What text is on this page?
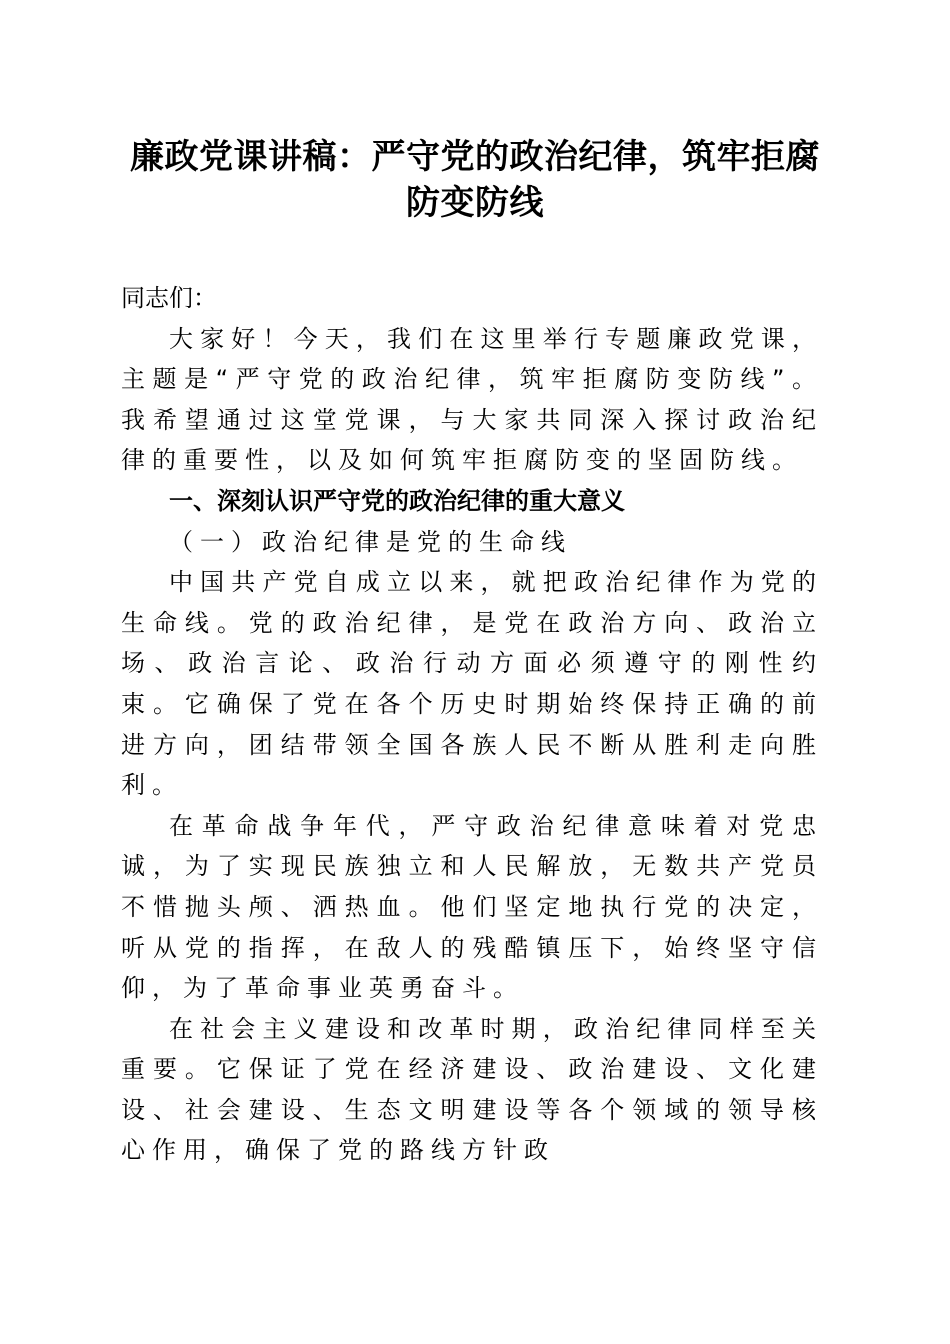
廉政党课讲稿：严守党的政治纪律，筑牢拒腐
防变防线

同志们：

大家好！今天，我们在这里举行专题廉政党课，主题是“严守党的政治纪律，筑牢拒腐防变防线”。我希望通过这堂党课，与大家共同深入探讨政治纪律的重要性，以及如何筑牢拒腐防变的坚固防线。

一、深刻认识严守党的政治纪律的重大意义

（一）政治纪律是党的生命线

中国共产党自成立以来，就把政治纪律作为党的生命线。党的政治纪律，是党在政治方向、政治立场、政治言论、政治行动方面必须遵守的刚性约束。它确保了党在各个历史时期始终保持正确的前进方向，团结带领全国各族人民不断从胜利走向胜利。

在革命战争年代，严守政治纪律意味着对党忠诚，为了实现民族独立和人民解放，无数共产党员不惜抛头颅、洒热血。他们坚定地执行党的决定，听从党的指挥，在敌人的残酷镇压下，始终坚守信仰，为了革命事业英勇奋斗。

在社会主义建设和改革时期，政治纪律同样至关重要。它保证了党在经济建设、政治建设、文化建设、社会建设、生态文明建设等各个领域的领导核心作用，确保了党的路线方针政
